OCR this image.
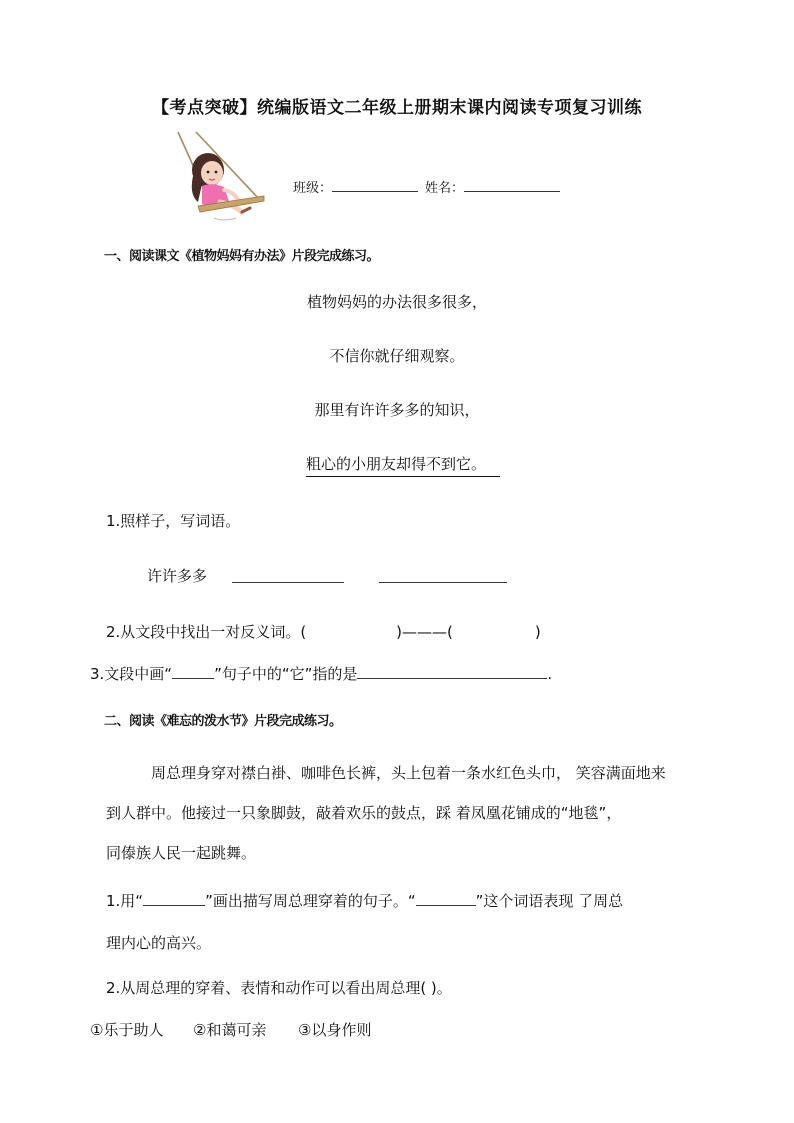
【考点突破】统编版语文二年级上册期末课内阅读专项复习训练
班级：	姓名：
一、阅读课文《植物妈妈有办法》片段完成练习。
植物妈妈的办法很多很多，
不信你就仔细观察。
那里有许许多多的知识，
粗心的小朋友却得不到它。
1.照样子，写词语。
许许多多
2.从文段中找出一对反义词。(	)———(	)
3.文段中画“	”句子中的“它”指的是	.
二、阅读《难忘的泼水节》片段完成练习。
周总理身穿对襟白褂、咖啡色长裤，头上包着一条水红色头巾， 笑容满面地来
到人群中。他接过一只象脚鼓，敲着欢乐的鼓点，踩 着凤凰花铺成的“地毯”，
同傣族人民一起跳舞。
1.用“	”画出描写周总理穿着的句子。“	”这个词语表现 了周总
理内心的高兴。
2.从周总理的穿着、表情和动作可以看出周总理( )。
①乐于助人 ②和蔼可亲 ③以身作则
